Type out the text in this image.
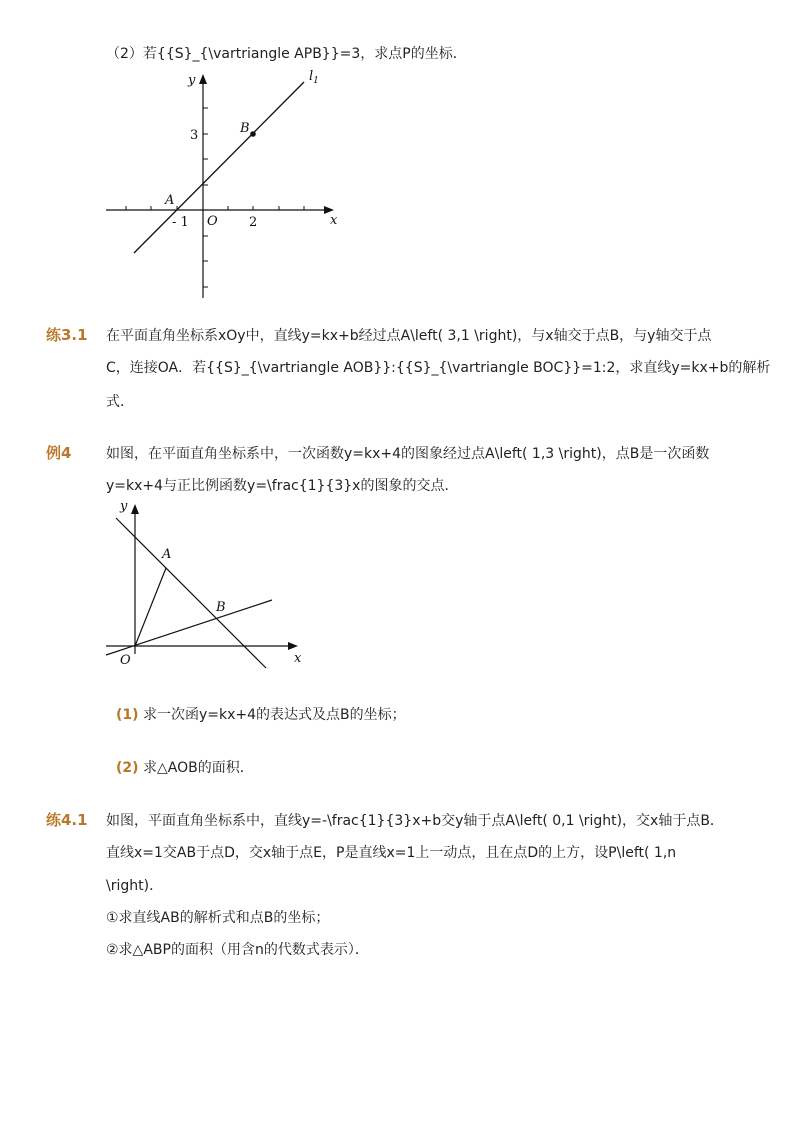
（2）若{{S}_{\vartriangle APB}}=3，求点P的坐标．
y
x
$l_1$
B
A
O
3
- 1	2
练3.1 在平面直角坐标系xOy中，直线y=kx+b经过点A\left( 3,1 \right)，与x轴交于点B，与y轴交于点
C，连接OA．若{{S}_{\vartriangle AOB}}:{{S}_{\vartriangle BOC}}=1:2，求直线y=kx+b的解析
式．
例4 如图，在平面直角坐标系中，一次函数y=kx+4的图象经过点A\left( 1,3 \right)，点B是一次函数
y=kx+4与正比例函数y=\frac{1}{3}x的图象的交点．
y
x
A
B
O
(1) 求一次函y=kx+4的表达式及点B的坐标；
(2) 求△AOB的面积．
练4.1 如图，平面直角坐标系中，直线y=-\frac{1}{3}x+b交y轴于点A\left( 0,1 \right)，交x轴于点B．
直线x=1交AB于点D，交x轴于点E，P是直线x=1上一动点，且在点D的上方，设P\left( 1,n
\right)．
①求直线AB的解析式和点B的坐标；
②求△ABP的面积（用含n的代数式表示）．
